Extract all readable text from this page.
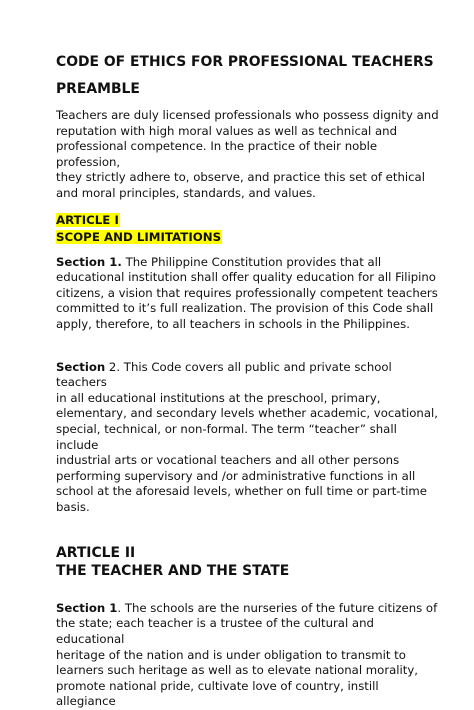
CODE OF ETHICS FOR PROFESSIONAL TEACHERS
PREAMBLE

Teachers are duly licensed professionals who possess dignity and
reputation with high moral values as well as technical and
professional competence. In the practice of their noble profession,
they strictly adhere to, observe, and practice this set of ethical
and moral principles, standards, and values.

ARTICLE I
SCOPE AND LIMITATIONS

Section 1. The Philippine Constitution provides that all
educational institution shall offer quality education for all Filipino
citizens, a vision that requires professionally competent teachers
committed to it’s full realization. The provision of this Code shall
apply, therefore, to all teachers in schools in the Philippines.

Section 2. This Code covers all public and private school teachers
in all educational institutions at the preschool, primary,
elementary, and secondary levels whether academic, vocational,
special, technical, or non-formal. The term “teacher” shall include
industrial arts or vocational teachers and all other persons
performing supervisory and /or administrative functions in all
school at the aforesaid levels, whether on full time or part-time
basis.

ARTICLE II
THE TEACHER AND THE STATE

Section 1. The schools are the nurseries of the future citizens of
the state; each teacher is a trustee of the cultural and educational
heritage of the nation and is under obligation to transmit to
learners such heritage as well as to elevate national morality,
promote national pride, cultivate love of country, instill allegiance
